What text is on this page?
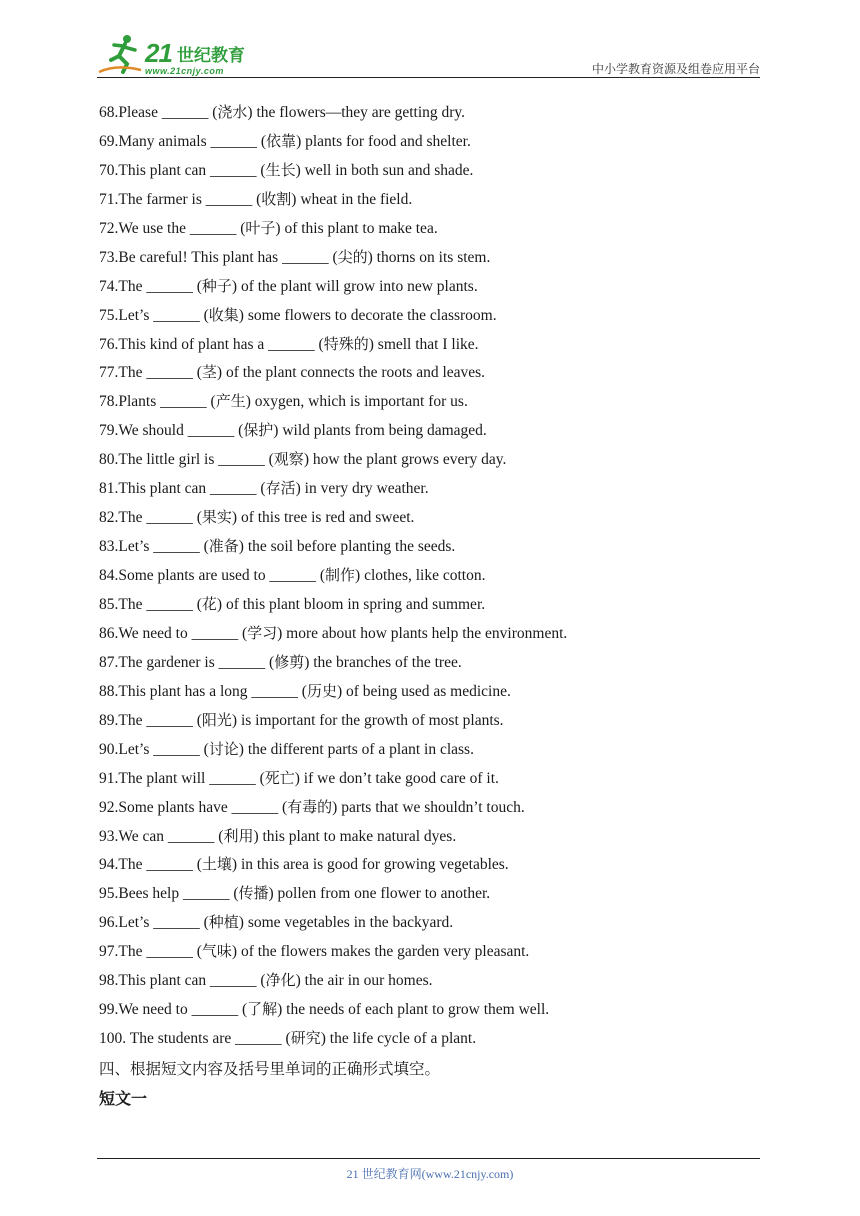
21 世纪教育
www.21cnjy.com	中小学教育资源及组卷应用平台
68.Please ______ (浇水) the flowers—they are getting dry.
69.Many animals ______ (依靠) plants for food and shelter.
70.This plant can ______ (生长) well in both sun and shade.
71.The farmer is ______ (收割) wheat in the field.
72.We use the ______ (叶子) of this plant to make tea.
73.Be careful! This plant has ______ (尖的) thorns on its stem.
74.The ______ (种子) of the plant will grow into new plants.
75.Let’s ______ (收集) some flowers to decorate the classroom.
76.This kind of plant has a ______ (特殊的) smell that I like.
77.The ______ (茎) of the plant connects the roots and leaves.
78.Plants ______ (产生) oxygen, which is important for us.
79.We should ______ (保护) wild plants from being damaged.
80.The little girl is ______ (观察) how the plant grows every day.
81.This plant can ______ (存活) in very dry weather.
82.The ______ (果实) of this tree is red and sweet.
83.Let’s ______ (准备) the soil before planting the seeds.
84.Some plants are used to ______ (制作) clothes, like cotton.
85.The ______ (花) of this plant bloom in spring and summer.
86.We need to ______ (学习) more about how plants help the environment.
87.The gardener is ______ (修剪) the branches of the tree.
88.This plant has a long ______ (历史) of being used as medicine.
89.The ______ (阳光) is important for the growth of most plants.
90.Let’s ______ (讨论) the different parts of a plant in class.
91.The plant will ______ (死亡) if we don’t take good care of it.
92.Some plants have ______ (有毒的) parts that we shouldn’t touch.
93.We can ______ (利用) this plant to make natural dyes.
94.The ______ (土壤) in this area is good for growing vegetables.
95.Bees help ______ (传播) pollen from one flower to another.
96.Let’s ______ (种植) some vegetables in the backyard.
97.The ______ (气味) of the flowers makes the garden very pleasant.
98.This plant can ______ (净化) the air in our homes.
99.We need to ______ (了解) the needs of each plant to grow them well.
100. The students are ______ (研究) the life cycle of a plant.
四、根据短文内容及括号里单词的正确形式填空。
短文一
21 世纪教育网(www.21cnjy.com)
